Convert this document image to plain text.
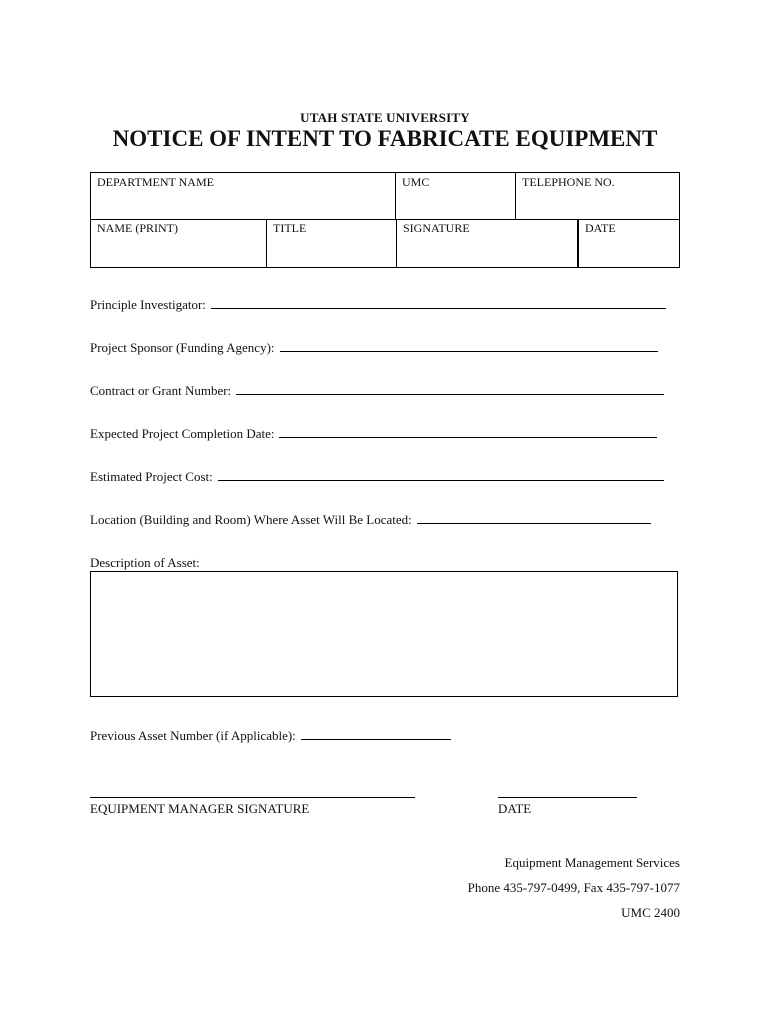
UTAH STATE UNIVERSITY
NOTICE OF INTENT TO FABRICATE EQUIPMENT
DEPARTMENT NAME	UMC	TELEPHONE NO.
NAME (PRINT)	TITLE	SIGNATURE	DATE
Principle Investigator:
Project Sponsor (Funding Agency):
Contract or Grant Number:
Expected Project Completion Date:
Estimated Project Cost:
Location (Building and Room) Where Asset Will Be Located:
Description of Asset:
Previous Asset Number (if Applicable):
EQUIPMENT MANAGER SIGNATURE	DATE
Equipment Management Services
Phone 435-797-0499, Fax 435-797-1077
UMC 2400
